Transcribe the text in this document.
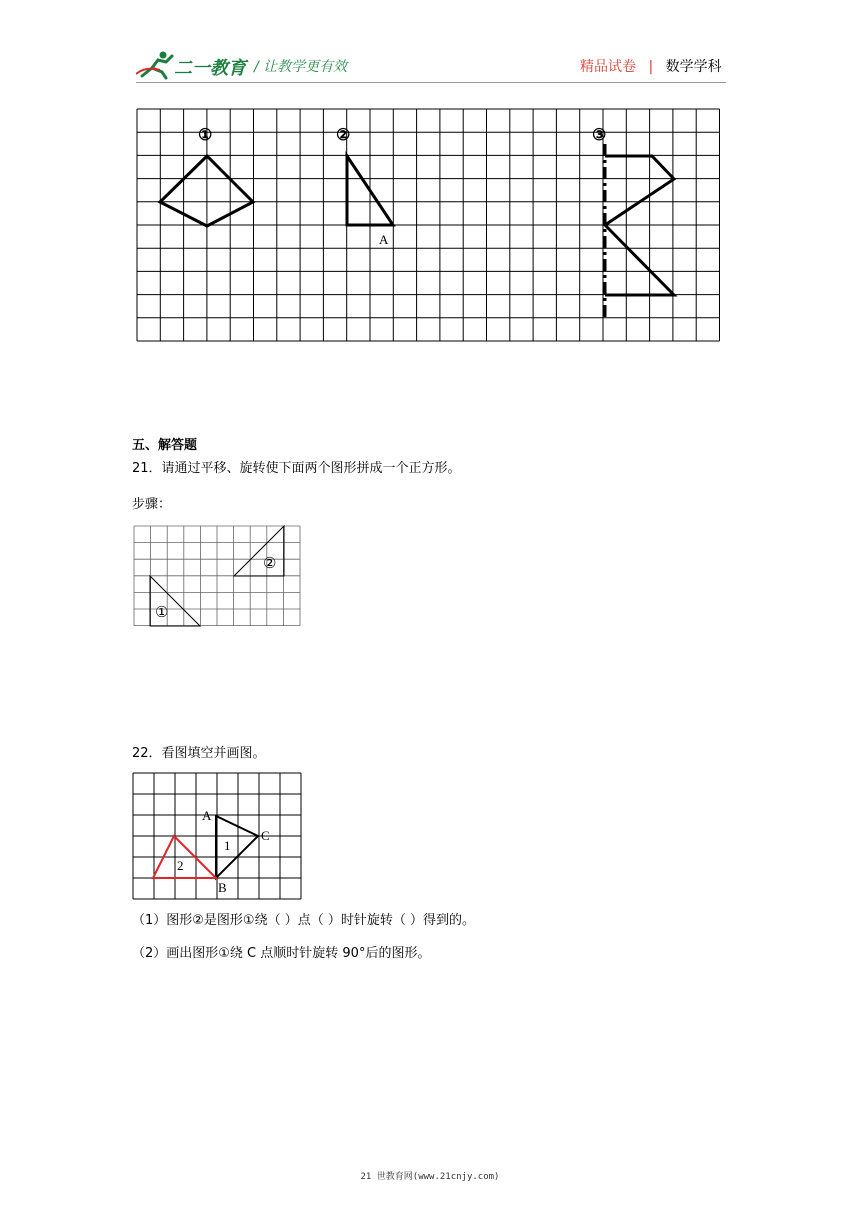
二一教育 / 让教学更有效	精品试卷 | 数学学科
①	②	③
A
五、解答题
21．请通过平移、旋转使下面两个图形拼成一个正方形。
步骤：
①
②
22．看图填空并画图。
A
B
C
1
2
（1）图形②是图形①绕（ ）点（ ）时针旋转（ ）得到的。
（2）画出图形①绕 C 点顺时针旋转 90°后的图形。
21 世教育网(www.21cnjy.com)
